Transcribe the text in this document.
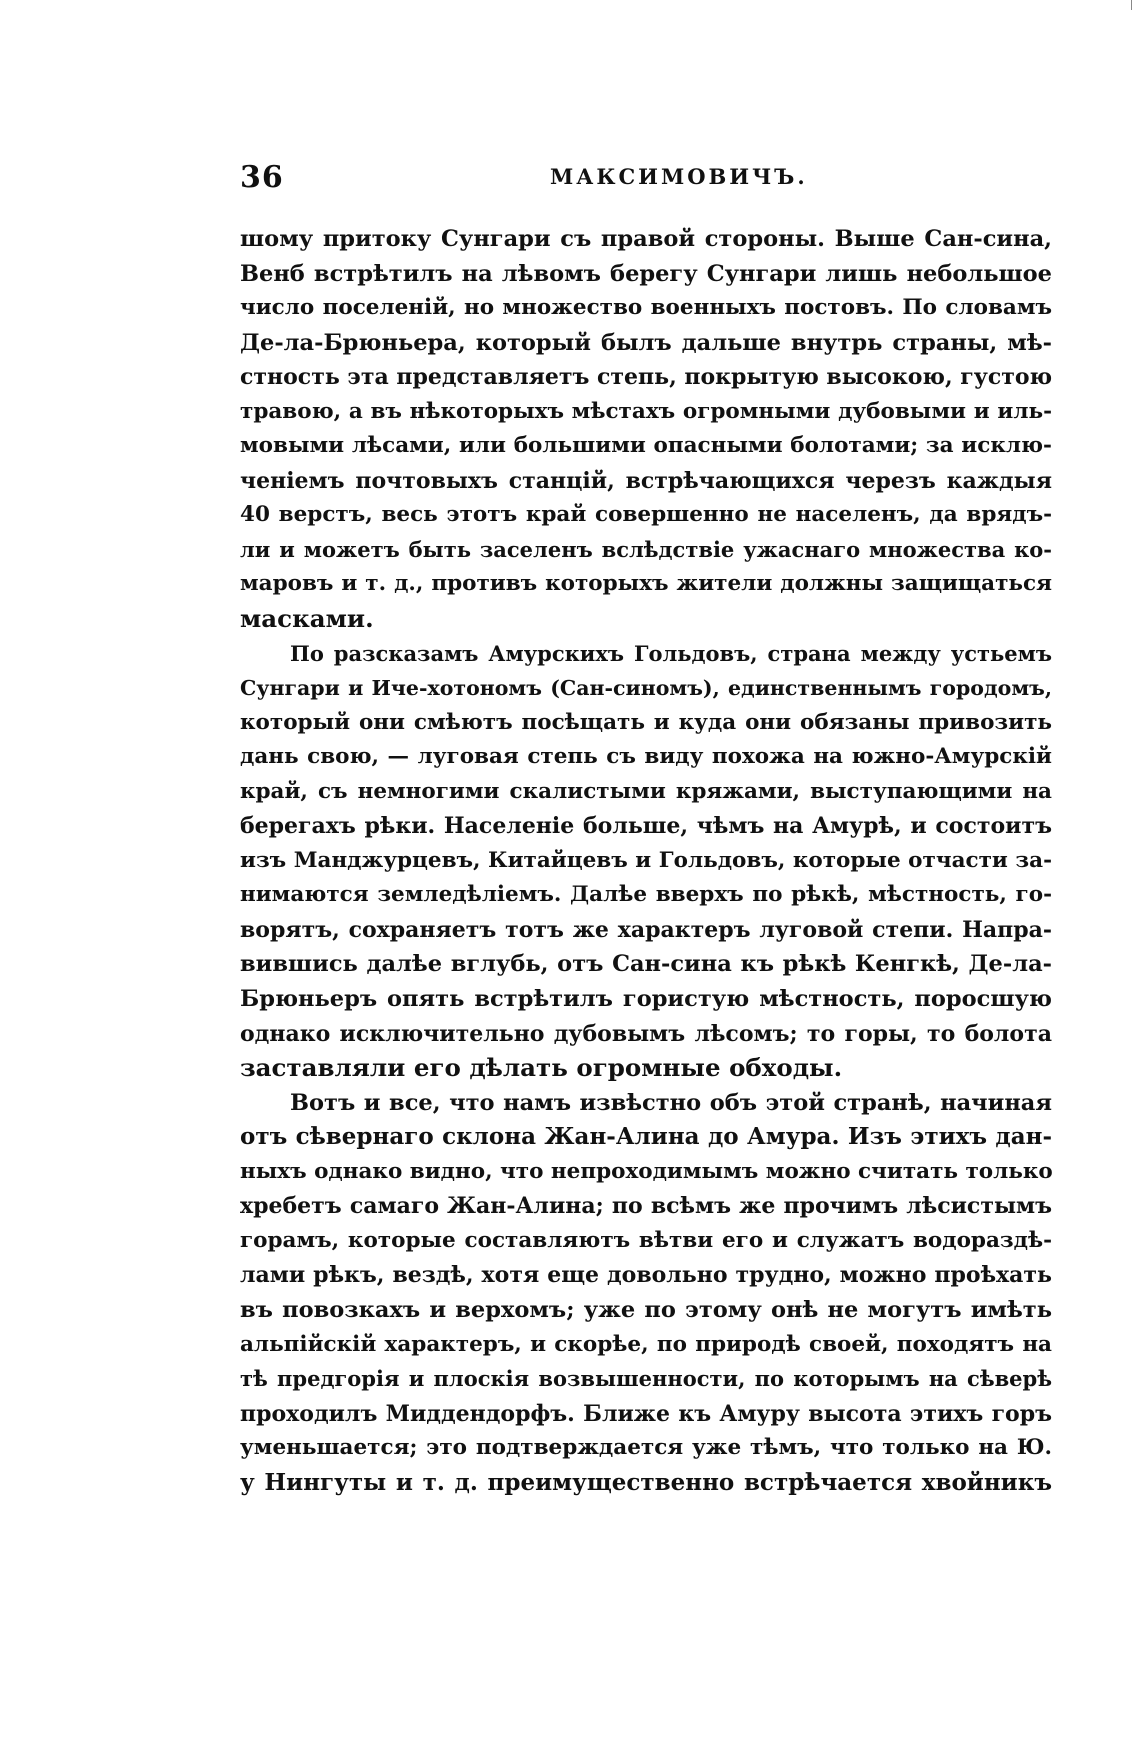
36	МАКСИМОВИЧЪ.
шому притоку Сунгари съ правой стороны. Выше Сан-сина,
Венб встрѣтилъ на лѣвомъ берегу Сунгари лишь небольшое
число поселеній, но множество военныхъ постовъ. По словамъ
Де-ла-Брюньера, который былъ дальше внутрь страны, мѣ-
стность эта представляетъ степь, покрытую высокою, густою
травою, а въ нѣкоторыхъ мѣстахъ огромными дубовыми и иль-
мовыми лѣсами, или большими опасными болотами; за исклю-
ченіемъ почтовыхъ станцій, встрѣчающихся черезъ каждыя
40 верстъ, весь этотъ край совершенно не населенъ, да врядъ-
ли и можетъ быть заселенъ вслѣдствіе ужаснаго множества ко-
маровъ и т. д., противъ которыхъ жители должны защищаться
масками.
По разсказамъ Амурскихъ Гольдовъ, страна между устьемъ
Сунгари и Иче-хотономъ (Сан-синомъ), единственнымъ городомъ,
который они смѣютъ посѣщать и куда они обязаны привозить
дань свою, — луговая степь съ виду похожа на южно-Амурскій
край, съ немногими скалистыми кряжами, выступающими на
берегахъ рѣки. Населеніе больше, чѣмъ на Амурѣ, и состоитъ
изъ Манджурцевъ, Китайцевъ и Гольдовъ, которые отчасти за-
нимаются земледѣліемъ. Далѣе вверхъ по рѣкѣ, мѣстность, го-
ворятъ, сохраняетъ тотъ же характеръ луговой степи. Напра-
вившись далѣе вглубь, отъ Сан-сина къ рѣкѣ Кенгкѣ, Де-ла-
Брюньеръ опять встрѣтилъ гористую мѣстность, поросшую
однако исключительно дубовымъ лѣсомъ; то горы, то болота
заставляли его дѣлать огромные обходы.
Вотъ и все, что намъ извѣстно объ этой странѣ, начиная
отъ сѣвернаго склона Жан-Алина до Амура. Изъ этихъ дан-
ныхъ однако видно, что непроходимымъ можно считать только
хребетъ самаго Жан-Алина; по всѣмъ же прочимъ лѣсистымъ
горамъ, которые составляютъ вѣтви его и служатъ водораздѣ-
лами рѣкъ, вездѣ, хотя еще довольно трудно, можно проѣхать
въ повозкахъ и верхомъ; уже по этому онѣ не могутъ имѣть
альпійскій характеръ, и скорѣе, по природѣ своей, походятъ на
тѣ предгорія и плоскія возвышенности, по которымъ на сѣверѣ
проходилъ Миддендорфъ. Ближе къ Амуру высота этихъ горъ
уменьшается; это подтверждается уже тѣмъ, что только на Ю.
у Нингуты и т. д. преимущественно встрѣчается хвойникъ
